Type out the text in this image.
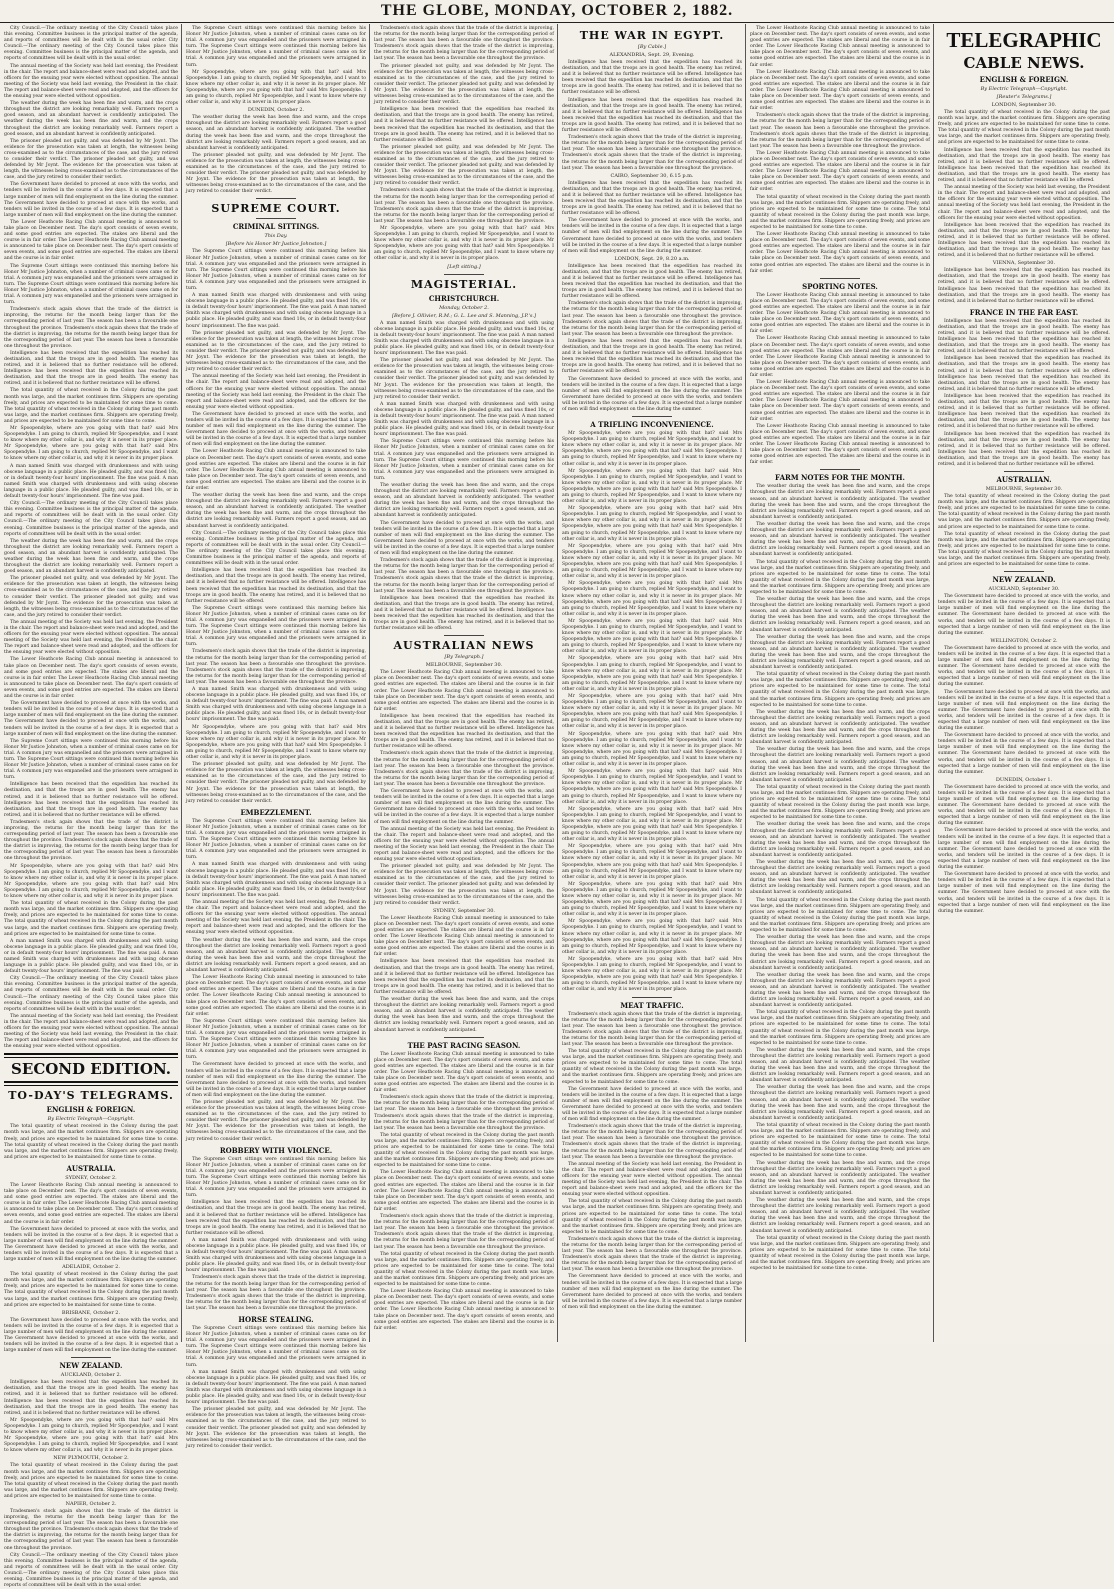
THE GLOBE, MONDAY, OCTOBER 2, 1882.

City Council.—The ordinary meeting of the City Council takes place this evening. Committee business is the principal matter of the agenda, and reports of committees will be dealt with in the usual order. City Council.—The ordinary meeting of the City Council takes place this evening. Committee business is the principal matter of the agenda, and reports of committees will be dealt with in the usual order.

The annual meeting of the Society was held last evening, the President in the chair. The report and balance-sheet were read and adopted, and the officers for the ensuing year were elected without opposition. The annual meeting of the Society was held last evening, the President in the chair. The report and balance-sheet were read and adopted, and the officers for the ensuing year were elected without opposition.

The weather during the week has been fine and warm, and the crops throughout the district are looking remarkably well. Farmers report a good season, and an abundant harvest is confidently anticipated. The weather during the week has been fine and warm, and the crops throughout the district are looking remarkably well. Farmers report a good season, and an abundant harvest is confidently anticipated.

The prisoner pleaded not guilty, and was defended by Mr Joynt. The evidence for the prosecution was taken at length, the witnesses being cross-examined as to the circumstances of the case, and the jury retired to consider their verdict. The prisoner pleaded not guilty, and was defended by Mr Joynt. The evidence for the prosecution was taken at length, the witnesses being cross-examined as to the circumstances of the case, and the jury retired to consider their verdict.

The Government have decided to proceed at once with the works, and tenders will be invited in the course of a few days. It is expected that a large number of men will find employment on the line during the summer. The Government have decided to proceed at once with the works, and tenders will be invited in the course of a few days. It is expected that a large number of men will find employment on the line during the summer.

The Lower Heathcote Racing Club annual meeting is announced to take place on December next. The day's sport consists of seven events, and some good entries are expected. The stakes are liberal and the course is in fair order. The Lower Heathcote Racing Club annual meeting is announced to take place on December next. The day's sport consists of seven events, and some good entries are expected. The stakes are liberal and the course is in fair order.

The Supreme Court sittings were continued this morning before his Honor Mr Justice Johnston, when a number of criminal cases came on for trial. A common jury was empanelled and the prisoners were arraigned in turn. The Supreme Court sittings were continued this morning before his Honor Mr Justice Johnston, when a number of criminal cases came on for trial. A common jury was empanelled and the prisoners were arraigned in turn.

Tradesmen's stock again shows that the trade of the district is improving, the returns for the month being larger than for the corresponding period of last year. The season has been a favourable one throughout the province. Tradesmen's stock again shows that the trade of the district is improving, the returns for the month being larger than for the corresponding period of last year. The season has been a favourable one throughout the province.

Intelligence has been received that the expedition has reached its destination, and that the troops are in good health. The enemy has retired, and it is believed that no further resistance will be offered. Intelligence has been received that the expedition has reached its destination, and that the troops are in good health. The enemy has retired, and it is believed that no further resistance will be offered.

The total quantity of wheat received in the Colony during the past month was large, and the market continues firm. Shippers are operating freely, and prices are expected to be maintained for some time to come. The total quantity of wheat received in the Colony during the past month was large, and the market continues firm. Shippers are operating freely, and prices are expected to be maintained for some time to come.

Mr Spoopendyke, where are you going with that hat? said Mrs Spoopendyke. I am going to church, replied Mr Spoopendyke, and I want to know where my other collar is, and why it is never in its proper place. Mr Spoopendyke, where are you going with that hat? said Mrs Spoopendyke. I am going to church, replied Mr Spoopendyke, and I want to know where my other collar is, and why it is never in its proper place.

A man named Smith was charged with drunkenness and with using obscene language in a public place. He pleaded guilty, and was fined 10s, or in default twenty-four hours' imprisonment. The fine was paid. A man named Smith was charged with drunkenness and with using obscene language in a public place. He pleaded guilty, and was fined 10s, or in default twenty-four hours' imprisonment. The fine was paid.

City Council.—The ordinary meeting of the City Council takes place this evening. Committee business is the principal matter of the agenda, and reports of committees will be dealt with in the usual order. City Council.—The ordinary meeting of the City Council takes place this evening. Committee business is the principal matter of the agenda, and reports of committees will be dealt with in the usual order.

The weather during the week has been fine and warm, and the crops throughout the district are looking remarkably well. Farmers report a good season, and an abundant harvest is confidently anticipated. The weather during the week has been fine and warm, and the crops throughout the district are looking remarkably well. Farmers report a good season, and an abundant harvest is confidently anticipated.

The prisoner pleaded not guilty, and was defended by Mr Joynt. The evidence for the prosecution was taken at length, the witnesses being cross-examined as to the circumstances of the case, and the jury retired to consider their verdict. The prisoner pleaded not guilty, and was defended by Mr Joynt. The evidence for the prosecution was taken at length, the witnesses being cross-examined as to the circumstances of the case, and the jury retired to consider their verdict.

The annual meeting of the Society was held last evening, the President in the chair. The report and balance-sheet were read and adopted, and the officers for the ensuing year were elected without opposition. The annual meeting of the Society was held last evening, the President in the chair. The report and balance-sheet were read and adopted, and the officers for the ensuing year were elected without opposition.

The Lower Heathcote Racing Club annual meeting is announced to take place on December next. The day's sport consists of seven events, and some good entries are expected. The stakes are liberal and the course is in fair order. The Lower Heathcote Racing Club annual meeting is announced to take place on December next. The day's sport consists of seven events, and some good entries are expected. The stakes are liberal and the course is in fair order.

The Government have decided to proceed at once with the works, and tenders will be invited in the course of a few days. It is expected that a large number of men will find employment on the line during the summer. The Government have decided to proceed at once with the works, and tenders will be invited in the course of a few days. It is expected that a large number of men will find employment on the line during the summer.

The Supreme Court sittings were continued this morning before his Honor Mr Justice Johnston, when a number of criminal cases came on for trial. A common jury was empanelled and the prisoners were arraigned in turn. The Supreme Court sittings were continued this morning before his Honor Mr Justice Johnston, when a number of criminal cases came on for trial. A common jury was empanelled and the prisoners were arraigned in turn.

Intelligence has been received that the expedition has reached its destination, and that the troops are in good health. The enemy has retired, and it is believed that no further resistance will be offered. Intelligence has been received that the expedition has reached its destination, and that the troops are in good health. The enemy has retired, and it is believed that no further resistance will be offered.

Tradesmen's stock again shows that the trade of the district is improving, the returns for the month being larger than for the corresponding period of last year. The season has been a favourable one throughout the province. Tradesmen's stock again shows that the trade of the district is improving, the returns for the month being larger than for the corresponding period of last year. The season has been a favourable one throughout the province.

Mr Spoopendyke, where are you going with that hat? said Mrs Spoopendyke. I am going to church, replied Mr Spoopendyke, and I want to know where my other collar is, and why it is never in its proper place. Mr Spoopendyke, where are you going with that hat? said Mrs Spoopendyke. I am going to church, replied Mr Spoopendyke, and I want to know where my other collar is, and why it is never in its proper place.

The total quantity of wheat received in the Colony during the past month was large, and the market continues firm. Shippers are operating freely, and prices are expected to be maintained for some time to come. The total quantity of wheat received in the Colony during the past month was large, and the market continues firm. Shippers are operating freely, and prices are expected to be maintained for some time to come.

A man named Smith was charged with drunkenness and with using obscene language in a public place. He pleaded guilty, and was fined 10s, or in default twenty-four hours' imprisonment. The fine was paid. A man named Smith was charged with drunkenness and with using obscene language in a public place. He pleaded guilty, and was fined 10s, or in default twenty-four hours' imprisonment. The fine was paid.

City Council.—The ordinary meeting of the City Council takes place this evening. Committee business is the principal matter of the agenda, and reports of committees will be dealt with in the usual order. City Council.—The ordinary meeting of the City Council takes place this evening. Committee business is the principal matter of the agenda, and reports of committees will be dealt with in the usual order.

The annual meeting of the Society was held last evening, the President in the chair. The report and balance-sheet were read and adopted, and the officers for the ensuing year were elected without opposition. The annual meeting of the Society was held last evening, the President in the chair. The report and balance-sheet were read and adopted, and the officers for the ensuing year were elected without opposition.

SECOND EDITION.
TO-DAY'S TELEGRAMS.
ENGLISH & FOREIGN.
By Electric Telegraph—Copyright.

The total quantity of wheat received in the Colony during the past month was large, and the market continues firm. Shippers are operating freely, and prices are expected to be maintained for some time to come. The total quantity of wheat received in the Colony during the past month was large, and the market continues firm. Shippers are operating freely, and prices are expected to be maintained for some time to come.

AUSTRALIA.
SYDNEY, October 2.

The Lower Heathcote Racing Club annual meeting is announced to take place on December next. The day's sport consists of seven events, and some good entries are expected. The stakes are liberal and the course is in fair order. The Lower Heathcote Racing Club annual meeting is announced to take place on December next. The day's sport consists of seven events, and some good entries are expected. The stakes are liberal and the course is in fair order.

The Government have decided to proceed at once with the works, and tenders will be invited in the course of a few days. It is expected that a large number of men will find employment on the line during the summer. The Government have decided to proceed at once with the works, and tenders will be invited in the course of a few days. It is expected that a large number of men will find employment on the line during the summer.

ADELAIDE, October 2.

The total quantity of wheat received in the Colony during the past month was large, and the market continues firm. Shippers are operating freely, and prices are expected to be maintained for some time to come. The total quantity of wheat received in the Colony during the past month was large, and the market continues firm. Shippers are operating freely, and prices are expected to be maintained for some time to come.

BRISBANE, October 2.

The Government have decided to proceed at once with the works, and tenders will be invited in the course of a few days. It is expected that a large number of men will find employment on the line during the summer. The Government have decided to proceed at once with the works, and tenders will be invited in the course of a few days. It is expected that a large number of men will find employment on the line during the summer.

NEW ZEALAND.
AUCKLAND, October 2.

Intelligence has been received that the expedition has reached its destination, and that the troops are in good health. The enemy has retired, and it is believed that no further resistance will be offered. Intelligence has been received that the expedition has reached its destination, and that the troops are in good health. The enemy has retired, and it is believed that no further resistance will be offered.

Mr Spoopendyke, where are you going with that hat? said Mrs Spoopendyke. I am going to church, replied Mr Spoopendyke, and I want to know where my other collar is, and why it is never in its proper place. Mr Spoopendyke, where are you going with that hat? said Mrs Spoopendyke. I am going to church, replied Mr Spoopendyke, and I want to know where my other collar is, and why it is never in its proper place.

NEW PLYMOUTH, October 2.

The total quantity of wheat received in the Colony during the past month was large, and the market continues firm. Shippers are operating freely, and prices are expected to be maintained for some time to come. The total quantity of wheat received in the Colony during the past month was large, and the market continues firm. Shippers are operating freely, and prices are expected to be maintained for some time to come.

NAPIER, October 2.

Tradesmen's stock again shows that the trade of the district is improving, the returns for the month being larger than for the corresponding period of last year. The season has been a favourable one throughout the province. Tradesmen's stock again shows that the trade of the district is improving, the returns for the month being larger than for the corresponding period of last year. The season has been a favourable one throughout the province.

City Council.—The ordinary meeting of the City Council takes place this evening. Committee business is the principal matter of the agenda, and reports of committees will be dealt with in the usual order. City Council.—The ordinary meeting of the City Council takes place this evening. Committee business is the principal matter of the agenda, and reports of committees will be dealt with in the usual order.

The Supreme Court sittings were continued this morning before his Honor Mr Justice Johnston, when a number of criminal cases came on for trial. A common jury was empanelled and the prisoners were arraigned in turn. The Supreme Court sittings were continued this morning before his Honor Mr Justice Johnston, when a number of criminal cases came on for trial. A common jury was empanelled and the prisoners were arraigned in turn.

Mr Spoopendyke, where are you going with that hat? said Mrs Spoopendyke. I am going to church, replied Mr Spoopendyke, and I want to know where my other collar is, and why it is never in its proper place. Mr Spoopendyke, where are you going with that hat? said Mrs Spoopendyke. I am going to church, replied Mr Spoopendyke, and I want to know where my other collar is, and why it is never in its proper place.

DUNEDIN, October 2.

The weather during the week has been fine and warm, and the crops throughout the district are looking remarkably well. Farmers report a good season, and an abundant harvest is confidently anticipated. The weather during the week has been fine and warm, and the crops throughout the district are looking remarkably well. Farmers report a good season, and an abundant harvest is confidently anticipated.

The prisoner pleaded not guilty, and was defended by Mr Joynt. The evidence for the prosecution was taken at length, the witnesses being cross-examined as to the circumstances of the case, and the jury retired to consider their verdict. The prisoner pleaded not guilty, and was defended by Mr Joynt. The evidence for the prosecution was taken at length, the witnesses being cross-examined as to the circumstances of the case, and the jury retired to consider their verdict.

SUPREME COURT.
CRIMINAL SITTINGS.
This Day.
[Before his Honor Mr Justice Johnston.]

The Supreme Court sittings were continued this morning before his Honor Mr Justice Johnston, when a number of criminal cases came on for trial. A common jury was empanelled and the prisoners were arraigned in turn. The Supreme Court sittings were continued this morning before his Honor Mr Justice Johnston, when a number of criminal cases came on for trial. A common jury was empanelled and the prisoners were arraigned in turn.

A man named Smith was charged with drunkenness and with using obscene language in a public place. He pleaded guilty, and was fined 10s, or in default twenty-four hours' imprisonment. The fine was paid. A man named Smith was charged with drunkenness and with using obscene language in a public place. He pleaded guilty, and was fined 10s, or in default twenty-four hours' imprisonment. The fine was paid.

The prisoner pleaded not guilty, and was defended by Mr Joynt. The evidence for the prosecution was taken at length, the witnesses being cross-examined as to the circumstances of the case, and the jury retired to consider their verdict. The prisoner pleaded not guilty, and was defended by Mr Joynt. The evidence for the prosecution was taken at length, the witnesses being cross-examined as to the circumstances of the case, and the jury retired to consider their verdict.

The annual meeting of the Society was held last evening, the President in the chair. The report and balance-sheet were read and adopted, and the officers for the ensuing year were elected without opposition. The annual meeting of the Society was held last evening, the President in the chair. The report and balance-sheet were read and adopted, and the officers for the ensuing year were elected without opposition.

The Government have decided to proceed at once with the works, and tenders will be invited in the course of a few days. It is expected that a large number of men will find employment on the line during the summer. The Government have decided to proceed at once with the works, and tenders will be invited in the course of a few days. It is expected that a large number of men will find employment on the line during the summer.

The Lower Heathcote Racing Club annual meeting is announced to take place on December next. The day's sport consists of seven events, and some good entries are expected. The stakes are liberal and the course is in fair order. The Lower Heathcote Racing Club annual meeting is announced to take place on December next. The day's sport consists of seven events, and some good entries are expected. The stakes are liberal and the course is in fair order.

The weather during the week has been fine and warm, and the crops throughout the district are looking remarkably well. Farmers report a good season, and an abundant harvest is confidently anticipated. The weather during the week has been fine and warm, and the crops throughout the district are looking remarkably well. Farmers report a good season, and an abundant harvest is confidently anticipated.

City Council.—The ordinary meeting of the City Council takes place this evening. Committee business is the principal matter of the agenda, and reports of committees will be dealt with in the usual order. City Council.—The ordinary meeting of the City Council takes place this evening. Committee business is the principal matter of the agenda, and reports of committees will be dealt with in the usual order.

Intelligence has been received that the expedition has reached its destination, and that the troops are in good health. The enemy has retired, and it is believed that no further resistance will be offered. Intelligence has been received that the expedition has reached its destination, and that the troops are in good health. The enemy has retired, and it is believed that no further resistance will be offered.

The Supreme Court sittings were continued this morning before his Honor Mr Justice Johnston, when a number of criminal cases came on for trial. A common jury was empanelled and the prisoners were arraigned in turn. The Supreme Court sittings were continued this morning before his Honor Mr Justice Johnston, when a number of criminal cases came on for trial. A common jury was empanelled and the prisoners were arraigned in turn.

Tradesmen's stock again shows that the trade of the district is improving, the returns for the month being larger than for the corresponding period of last year. The season has been a favourable one throughout the province. Tradesmen's stock again shows that the trade of the district is improving, the returns for the month being larger than for the corresponding period of last year. The season has been a favourable one throughout the province.

A man named Smith was charged with drunkenness and with using obscene language in a public place. He pleaded guilty, and was fined 10s, or in default twenty-four hours' imprisonment. The fine was paid. A man named Smith was charged with drunkenness and with using obscene language in a public place. He pleaded guilty, and was fined 10s, or in default twenty-four hours' imprisonment. The fine was paid.

Mr Spoopendyke, where are you going with that hat? said Mrs Spoopendyke. I am going to church, replied Mr Spoopendyke, and I want to know where my other collar is, and why it is never in its proper place. Mr Spoopendyke, where are you going with that hat? said Mrs Spoopendyke. I am going to church, replied Mr Spoopendyke, and I want to know where my other collar is, and why it is never in its proper place.

The prisoner pleaded not guilty, and was defended by Mr Joynt. The evidence for the prosecution was taken at length, the witnesses being cross-examined as to the circumstances of the case, and the jury retired to consider their verdict. The prisoner pleaded not guilty, and was defended by Mr Joynt. The evidence for the prosecution was taken at length, the witnesses being cross-examined as to the circumstances of the case, and the jury retired to consider their verdict.

EMBEZZLEMENT.

The Supreme Court sittings were continued this morning before his Honor Mr Justice Johnston, when a number of criminal cases came on for trial. A common jury was empanelled and the prisoners were arraigned in turn. The Supreme Court sittings were continued this morning before his Honor Mr Justice Johnston, when a number of criminal cases came on for trial. A common jury was empanelled and the prisoners were arraigned in turn.

A man named Smith was charged with drunkenness and with using obscene language in a public place. He pleaded guilty, and was fined 10s, or in default twenty-four hours' imprisonment. The fine was paid. A man named Smith was charged with drunkenness and with using obscene language in a public place. He pleaded guilty, and was fined 10s, or in default twenty-four hours' imprisonment. The fine was paid.

The annual meeting of the Society was held last evening, the President in the chair. The report and balance-sheet were read and adopted, and the officers for the ensuing year were elected without opposition. The annual meeting of the Society was held last evening, the President in the chair. The report and balance-sheet were read and adopted, and the officers for the ensuing year were elected without opposition.

The weather during the week has been fine and warm, and the crops throughout the district are looking remarkably well. Farmers report a good season, and an abundant harvest is confidently anticipated. The weather during the week has been fine and warm, and the crops throughout the district are looking remarkably well. Farmers report a good season, and an abundant harvest is confidently anticipated.

The Lower Heathcote Racing Club annual meeting is announced to take place on December next. The day's sport consists of seven events, and some good entries are expected. The stakes are liberal and the course is in fair order. The Lower Heathcote Racing Club annual meeting is announced to take place on December next. The day's sport consists of seven events, and some good entries are expected. The stakes are liberal and the course is in fair order.

The Supreme Court sittings were continued this morning before his Honor Mr Justice Johnston, when a number of criminal cases came on for trial. A common jury was empanelled and the prisoners were arraigned in turn. The Supreme Court sittings were continued this morning before his Honor Mr Justice Johnston, when a number of criminal cases came on for trial. A common jury was empanelled and the prisoners were arraigned in turn.

The Government have decided to proceed at once with the works, and tenders will be invited in the course of a few days. It is expected that a large number of men will find employment on the line during the summer. The Government have decided to proceed at once with the works, and tenders will be invited in the course of a few days. It is expected that a large number of men will find employment on the line during the summer.

The prisoner pleaded not guilty, and was defended by Mr Joynt. The evidence for the prosecution was taken at length, the witnesses being cross-examined as to the circumstances of the case, and the jury retired to consider their verdict. The prisoner pleaded not guilty, and was defended by Mr Joynt. The evidence for the prosecution was taken at length, the witnesses being cross-examined as to the circumstances of the case, and the jury retired to consider their verdict.

ROBBERY WITH VIOLENCE.

The Supreme Court sittings were continued this morning before his Honor Mr Justice Johnston, when a number of criminal cases came on for trial. A common jury was empanelled and the prisoners were arraigned in turn. The Supreme Court sittings were continued this morning before his Honor Mr Justice Johnston, when a number of criminal cases came on for trial. A common jury was empanelled and the prisoners were arraigned in turn.

Intelligence has been received that the expedition has reached its destination, and that the troops are in good health. The enemy has retired, and it is believed that no further resistance will be offered. Intelligence has been received that the expedition has reached its destination, and that the troops are in good health. The enemy has retired, and it is believed that no further resistance will be offered.

A man named Smith was charged with drunkenness and with using obscene language in a public place. He pleaded guilty, and was fined 10s, or in default twenty-four hours' imprisonment. The fine was paid. A man named Smith was charged with drunkenness and with using obscene language in a public place. He pleaded guilty, and was fined 10s, or in default twenty-four hours' imprisonment. The fine was paid.

Tradesmen's stock again shows that the trade of the district is improving, the returns for the month being larger than for the corresponding period of last year. The season has been a favourable one throughout the province. Tradesmen's stock again shows that the trade of the district is improving, the returns for the month being larger than for the corresponding period of last year. The season has been a favourable one throughout the province.

HORSE STEALING.

The Supreme Court sittings were continued this morning before his Honor Mr Justice Johnston, when a number of criminal cases came on for trial. A common jury was empanelled and the prisoners were arraigned in turn. The Supreme Court sittings were continued this morning before his Honor Mr Justice Johnston, when a number of criminal cases came on for trial. A common jury was empanelled and the prisoners were arraigned in turn.

A man named Smith was charged with drunkenness and with using obscene language in a public place. He pleaded guilty, and was fined 10s, or in default twenty-four hours' imprisonment. The fine was paid. A man named Smith was charged with drunkenness and with using obscene language in a public place. He pleaded guilty, and was fined 10s, or in default twenty-four hours' imprisonment. The fine was paid.

The prisoner pleaded not guilty, and was defended by Mr Joynt. The evidence for the prosecution was taken at length, the witnesses being cross-examined as to the circumstances of the case, and the jury retired to consider their verdict. The prisoner pleaded not guilty, and was defended by Mr Joynt. The evidence for the prosecution was taken at length, the witnesses being cross-examined as to the circumstances of the case, and the jury retired to consider their verdict.

Tradesmen's stock again shows that the trade of the district is improving, the returns for the month being larger than for the corresponding period of last year. The season has been a favourable one throughout the province. Tradesmen's stock again shows that the trade of the district is improving, the returns for the month being larger than for the corresponding period of last year. The season has been a favourable one throughout the province.

The prisoner pleaded not guilty, and was defended by Mr Joynt. The evidence for the prosecution was taken at length, the witnesses being cross-examined as to the circumstances of the case, and the jury retired to consider their verdict. The prisoner pleaded not guilty, and was defended by Mr Joynt. The evidence for the prosecution was taken at length, the witnesses being cross-examined as to the circumstances of the case, and the jury retired to consider their verdict.

Intelligence has been received that the expedition has reached its destination, and that the troops are in good health. The enemy has retired, and it is believed that no further resistance will be offered. Intelligence has been received that the expedition has reached its destination, and that the troops are in good health. The enemy has retired, and it is believed that no further resistance will be offered.

The prisoner pleaded not guilty, and was defended by Mr Joynt. The evidence for the prosecution was taken at length, the witnesses being cross-examined as to the circumstances of the case, and the jury retired to consider their verdict. The prisoner pleaded not guilty, and was defended by Mr Joynt. The evidence for the prosecution was taken at length, the witnesses being cross-examined as to the circumstances of the case, and the jury retired to consider their verdict.

Tradesmen's stock again shows that the trade of the district is improving, the returns for the month being larger than for the corresponding period of last year. The season has been a favourable one throughout the province. Tradesmen's stock again shows that the trade of the district is improving, the returns for the month being larger than for the corresponding period of last year. The season has been a favourable one throughout the province.

Mr Spoopendyke, where are you going with that hat? said Mrs Spoopendyke. I am going to church, replied Mr Spoopendyke, and I want to know where my other collar is, and why it is never in its proper place. Mr Spoopendyke, where are you going with that hat? said Mrs Spoopendyke. I am going to church, replied Mr Spoopendyke, and I want to know where my other collar is, and why it is never in its proper place.

[Left sitting.]
MAGISTERIAL.
CHRISTCHURCH.
Monday, October 2.
[Before J. Ollivier, R.M.; G. L. Lee and S. Manning, J.P.'s.]

A man named Smith was charged with drunkenness and with using obscene language in a public place. He pleaded guilty, and was fined 10s, or in default twenty-four hours' imprisonment. The fine was paid. A man named Smith was charged with drunkenness and with using obscene language in a public place. He pleaded guilty, and was fined 10s, or in default twenty-four hours' imprisonment. The fine was paid.

The prisoner pleaded not guilty, and was defended by Mr Joynt. The evidence for the prosecution was taken at length, the witnesses being cross-examined as to the circumstances of the case, and the jury retired to consider their verdict. The prisoner pleaded not guilty, and was defended by Mr Joynt. The evidence for the prosecution was taken at length, the witnesses being cross-examined as to the circumstances of the case, and the jury retired to consider their verdict.

A man named Smith was charged with drunkenness and with using obscene language in a public place. He pleaded guilty, and was fined 10s, or in default twenty-four hours' imprisonment. The fine was paid. A man named Smith was charged with drunkenness and with using obscene language in a public place. He pleaded guilty, and was fined 10s, or in default twenty-four hours' imprisonment. The fine was paid.

The Supreme Court sittings were continued this morning before his Honor Mr Justice Johnston, when a number of criminal cases came on for trial. A common jury was empanelled and the prisoners were arraigned in turn. The Supreme Court sittings were continued this morning before his Honor Mr Justice Johnston, when a number of criminal cases came on for trial. A common jury was empanelled and the prisoners were arraigned in turn.

The weather during the week has been fine and warm, and the crops throughout the district are looking remarkably well. Farmers report a good season, and an abundant harvest is confidently anticipated. The weather during the week has been fine and warm, and the crops throughout the district are looking remarkably well. Farmers report a good season, and an abundant harvest is confidently anticipated.

The Government have decided to proceed at once with the works, and tenders will be invited in the course of a few days. It is expected that a large number of men will find employment on the line during the summer. The Government have decided to proceed at once with the works, and tenders will be invited in the course of a few days. It is expected that a large number of men will find employment on the line during the summer.

Tradesmen's stock again shows that the trade of the district is improving, the returns for the month being larger than for the corresponding period of last year. The season has been a favourable one throughout the province. Tradesmen's stock again shows that the trade of the district is improving, the returns for the month being larger than for the corresponding period of last year. The season has been a favourable one throughout the province.

Intelligence has been received that the expedition has reached its destination, and that the troops are in good health. The enemy has retired, and it is believed that no further resistance will be offered. Intelligence has been received that the expedition has reached its destination, and that the troops are in good health. The enemy has retired, and it is believed that no further resistance will be offered.

AUSTRALIAN NEWS
[By Telegraph.]
MELBOURNE, September 30.

The Lower Heathcote Racing Club annual meeting is announced to take place on December next. The day's sport consists of seven events, and some good entries are expected. The stakes are liberal and the course is in fair order. The Lower Heathcote Racing Club annual meeting is announced to take place on December next. The day's sport consists of seven events, and some good entries are expected. The stakes are liberal and the course is in fair order.

Intelligence has been received that the expedition has reached its destination, and that the troops are in good health. The enemy has retired, and it is believed that no further resistance will be offered. Intelligence has been received that the expedition has reached its destination, and that the troops are in good health. The enemy has retired, and it is believed that no further resistance will be offered.

Tradesmen's stock again shows that the trade of the district is improving, the returns for the month being larger than for the corresponding period of last year. The season has been a favourable one throughout the province. Tradesmen's stock again shows that the trade of the district is improving, the returns for the month being larger than for the corresponding period of last year. The season has been a favourable one throughout the province.

The Government have decided to proceed at once with the works, and tenders will be invited in the course of a few days. It is expected that a large number of men will find employment on the line during the summer. The Government have decided to proceed at once with the works, and tenders will be invited in the course of a few days. It is expected that a large number of men will find employment on the line during the summer.

The annual meeting of the Society was held last evening, the President in the chair. The report and balance-sheet were read and adopted, and the officers for the ensuing year were elected without opposition. The annual meeting of the Society was held last evening, the President in the chair. The report and balance-sheet were read and adopted, and the officers for the ensuing year were elected without opposition.

The prisoner pleaded not guilty, and was defended by Mr Joynt. The evidence for the prosecution was taken at length, the witnesses being cross-examined as to the circumstances of the case, and the jury retired to consider their verdict. The prisoner pleaded not guilty, and was defended by Mr Joynt. The evidence for the prosecution was taken at length, the witnesses being cross-examined as to the circumstances of the case, and the jury retired to consider their verdict.

SYDNEY, September 30.

The Lower Heathcote Racing Club annual meeting is announced to take place on December next. The day's sport consists of seven events, and some good entries are expected. The stakes are liberal and the course is in fair order. The Lower Heathcote Racing Club annual meeting is announced to take place on December next. The day's sport consists of seven events, and some good entries are expected. The stakes are liberal and the course is in fair order.

Intelligence has been received that the expedition has reached its destination, and that the troops are in good health. The enemy has retired, and it is believed that no further resistance will be offered. Intelligence has been received that the expedition has reached its destination, and that the troops are in good health. The enemy has retired, and it is believed that no further resistance will be offered.

The weather during the week has been fine and warm, and the crops throughout the district are looking remarkably well. Farmers report a good season, and an abundant harvest is confidently anticipated. The weather during the week has been fine and warm, and the crops throughout the district are looking remarkably well. Farmers report a good season, and an abundant harvest is confidently anticipated.

THE PAST RACING SEASON.

The Lower Heathcote Racing Club annual meeting is announced to take place on December next. The day's sport consists of seven events, and some good entries are expected. The stakes are liberal and the course is in fair order. The Lower Heathcote Racing Club annual meeting is announced to take place on December next. The day's sport consists of seven events, and some good entries are expected. The stakes are liberal and the course is in fair order.

Tradesmen's stock again shows that the trade of the district is improving, the returns for the month being larger than for the corresponding period of last year. The season has been a favourable one throughout the province. Tradesmen's stock again shows that the trade of the district is improving, the returns for the month being larger than for the corresponding period of last year. The season has been a favourable one throughout the province.

The total quantity of wheat received in the Colony during the past month was large, and the market continues firm. Shippers are operating freely, and prices are expected to be maintained for some time to come. The total quantity of wheat received in the Colony during the past month was large, and the market continues firm. Shippers are operating freely, and prices are expected to be maintained for some time to come.

The Lower Heathcote Racing Club annual meeting is announced to take place on December next. The day's sport consists of seven events, and some good entries are expected. The stakes are liberal and the course is in fair order. The Lower Heathcote Racing Club annual meeting is announced to take place on December next. The day's sport consists of seven events, and some good entries are expected. The stakes are liberal and the course is in fair order.

Tradesmen's stock again shows that the trade of the district is improving, the returns for the month being larger than for the corresponding period of last year. The season has been a favourable one throughout the province. Tradesmen's stock again shows that the trade of the district is improving, the returns for the month being larger than for the corresponding period of last year. The season has been a favourable one throughout the province.

The total quantity of wheat received in the Colony during the past month was large, and the market continues firm. Shippers are operating freely, and prices are expected to be maintained for some time to come. The total quantity of wheat received in the Colony during the past month was large, and the market continues firm. Shippers are operating freely, and prices are expected to be maintained for some time to come.

The Lower Heathcote Racing Club annual meeting is announced to take place on December next. The day's sport consists of seven events, and some good entries are expected. The stakes are liberal and the course is in fair order. The Lower Heathcote Racing Club annual meeting is announced to take place on December next. The day's sport consists of seven events, and some good entries are expected. The stakes are liberal and the course is in fair order.

THE WAR IN EGYPT.
[By Cable.]
ALEXANDRIA, Sept. 29, Evening.

Intelligence has been received that the expedition has reached its destination, and that the troops are in good health. The enemy has retired, and it is believed that no further resistance will be offered. Intelligence has been received that the expedition has reached its destination, and that the troops are in good health. The enemy has retired, and it is believed that no further resistance will be offered.

Intelligence has been received that the expedition has reached its destination, and that the troops are in good health. The enemy has retired, and it is believed that no further resistance will be offered. Intelligence has been received that the expedition has reached its destination, and that the troops are in good health. The enemy has retired, and it is believed that no further resistance will be offered.

Tradesmen's stock again shows that the trade of the district is improving, the returns for the month being larger than for the corresponding period of last year. The season has been a favourable one throughout the province. Tradesmen's stock again shows that the trade of the district is improving, the returns for the month being larger than for the corresponding period of last year. The season has been a favourable one throughout the province.

CAIRO, September 30, 6.15 p.m.

Intelligence has been received that the expedition has reached its destination, and that the troops are in good health. The enemy has retired, and it is believed that no further resistance will be offered. Intelligence has been received that the expedition has reached its destination, and that the troops are in good health. The enemy has retired, and it is believed that no further resistance will be offered.

The Government have decided to proceed at once with the works, and tenders will be invited in the course of a few days. It is expected that a large number of men will find employment on the line during the summer. The Government have decided to proceed at once with the works, and tenders will be invited in the course of a few days. It is expected that a large number of men will find employment on the line during the summer.

LONDON, Sept. 29, 8.20 a.m.

Intelligence has been received that the expedition has reached its destination, and that the troops are in good health. The enemy has retired, and it is believed that no further resistance will be offered. Intelligence has been received that the expedition has reached its destination, and that the troops are in good health. The enemy has retired, and it is believed that no further resistance will be offered.

Tradesmen's stock again shows that the trade of the district is improving, the returns for the month being larger than for the corresponding period of last year. The season has been a favourable one throughout the province. Tradesmen's stock again shows that the trade of the district is improving, the returns for the month being larger than for the corresponding period of last year. The season has been a favourable one throughout the province.

Intelligence has been received that the expedition has reached its destination, and that the troops are in good health. The enemy has retired, and it is believed that no further resistance will be offered. Intelligence has been received that the expedition has reached its destination, and that the troops are in good health. The enemy has retired, and it is believed that no further resistance will be offered.

The Government have decided to proceed at once with the works, and tenders will be invited in the course of a few days. It is expected that a large number of men will find employment on the line during the summer. The Government have decided to proceed at once with the works, and tenders will be invited in the course of a few days. It is expected that a large number of men will find employment on the line during the summer.

A TRIFLING INCONVENIENCE.

Mr Spoopendyke, where are you going with that hat? said Mrs Spoopendyke. I am going to church, replied Mr Spoopendyke, and I want to know where my other collar is, and why it is never in its proper place. Mr Spoopendyke, where are you going with that hat? said Mrs Spoopendyke. I am going to church, replied Mr Spoopendyke, and I want to know where my other collar is, and why it is never in its proper place.

Mr Spoopendyke, where are you going with that hat? said Mrs Spoopendyke. I am going to church, replied Mr Spoopendyke, and I want to know where my other collar is, and why it is never in its proper place. Mr Spoopendyke, where are you going with that hat? said Mrs Spoopendyke. I am going to church, replied Mr Spoopendyke, and I want to know where my other collar is, and why it is never in its proper place.

Mr Spoopendyke, where are you going with that hat? said Mrs Spoopendyke. I am going to church, replied Mr Spoopendyke, and I want to know where my other collar is, and why it is never in its proper place. Mr Spoopendyke, where are you going with that hat? said Mrs Spoopendyke. I am going to church, replied Mr Spoopendyke, and I want to know where my other collar is, and why it is never in its proper place.

Mr Spoopendyke, where are you going with that hat? said Mrs Spoopendyke. I am going to church, replied Mr Spoopendyke, and I want to know where my other collar is, and why it is never in its proper place. Mr Spoopendyke, where are you going with that hat? said Mrs Spoopendyke. I am going to church, replied Mr Spoopendyke, and I want to know where my other collar is, and why it is never in its proper place.

Mr Spoopendyke, where are you going with that hat? said Mrs Spoopendyke. I am going to church, replied Mr Spoopendyke, and I want to know where my other collar is, and why it is never in its proper place. Mr Spoopendyke, where are you going with that hat? said Mrs Spoopendyke. I am going to church, replied Mr Spoopendyke, and I want to know where my other collar is, and why it is never in its proper place.

Mr Spoopendyke, where are you going with that hat? said Mrs Spoopendyke. I am going to church, replied Mr Spoopendyke, and I want to know where my other collar is, and why it is never in its proper place. Mr Spoopendyke, where are you going with that hat? said Mrs Spoopendyke. I am going to church, replied Mr Spoopendyke, and I want to know where my other collar is, and why it is never in its proper place.

Mr Spoopendyke, where are you going with that hat? said Mrs Spoopendyke. I am going to church, replied Mr Spoopendyke, and I want to know where my other collar is, and why it is never in its proper place. Mr Spoopendyke, where are you going with that hat? said Mrs Spoopendyke. I am going to church, replied Mr Spoopendyke, and I want to know where my other collar is, and why it is never in its proper place.

Mr Spoopendyke, where are you going with that hat? said Mrs Spoopendyke. I am going to church, replied Mr Spoopendyke, and I want to know where my other collar is, and why it is never in its proper place. Mr Spoopendyke, where are you going with that hat? said Mrs Spoopendyke. I am going to church, replied Mr Spoopendyke, and I want to know where my other collar is, and why it is never in its proper place.

Mr Spoopendyke, where are you going with that hat? said Mrs Spoopendyke. I am going to church, replied Mr Spoopendyke, and I want to know where my other collar is, and why it is never in its proper place. Mr Spoopendyke, where are you going with that hat? said Mrs Spoopendyke. I am going to church, replied Mr Spoopendyke, and I want to know where my other collar is, and why it is never in its proper place.

Mr Spoopendyke, where are you going with that hat? said Mrs Spoopendyke. I am going to church, replied Mr Spoopendyke, and I want to know where my other collar is, and why it is never in its proper place. Mr Spoopendyke, where are you going with that hat? said Mrs Spoopendyke. I am going to church, replied Mr Spoopendyke, and I want to know where my other collar is, and why it is never in its proper place.

Mr Spoopendyke, where are you going with that hat? said Mrs Spoopendyke. I am going to church, replied Mr Spoopendyke, and I want to know where my other collar is, and why it is never in its proper place. Mr Spoopendyke, where are you going with that hat? said Mrs Spoopendyke. I am going to church, replied Mr Spoopendyke, and I want to know where my other collar is, and why it is never in its proper place.

Mr Spoopendyke, where are you going with that hat? said Mrs Spoopendyke. I am going to church, replied Mr Spoopendyke, and I want to know where my other collar is, and why it is never in its proper place. Mr Spoopendyke, where are you going with that hat? said Mrs Spoopendyke. I am going to church, replied Mr Spoopendyke, and I want to know where my other collar is, and why it is never in its proper place.

Mr Spoopendyke, where are you going with that hat? said Mrs Spoopendyke. I am going to church, replied Mr Spoopendyke, and I want to know where my other collar is, and why it is never in its proper place. Mr Spoopendyke, where are you going with that hat? said Mrs Spoopendyke. I am going to church, replied Mr Spoopendyke, and I want to know where my other collar is, and why it is never in its proper place.

Mr Spoopendyke, where are you going with that hat? said Mrs Spoopendyke. I am going to church, replied Mr Spoopendyke, and I want to know where my other collar is, and why it is never in its proper place. Mr Spoopendyke, where are you going with that hat? said Mrs Spoopendyke. I am going to church, replied Mr Spoopendyke, and I want to know where my other collar is, and why it is never in its proper place.

Mr Spoopendyke, where are you going with that hat? said Mrs Spoopendyke. I am going to church, replied Mr Spoopendyke, and I want to know where my other collar is, and why it is never in its proper place. Mr Spoopendyke, where are you going with that hat? said Mrs Spoopendyke. I am going to church, replied Mr Spoopendyke, and I want to know where my other collar is, and why it is never in its proper place.

MEAT TRAFFIC.

Tradesmen's stock again shows that the trade of the district is improving, the returns for the month being larger than for the corresponding period of last year. The season has been a favourable one throughout the province. Tradesmen's stock again shows that the trade of the district is improving, the returns for the month being larger than for the corresponding period of last year. The season has been a favourable one throughout the province.

The total quantity of wheat received in the Colony during the past month was large, and the market continues firm. Shippers are operating freely, and prices are expected to be maintained for some time to come. The total quantity of wheat received in the Colony during the past month was large, and the market continues firm. Shippers are operating freely, and prices are expected to be maintained for some time to come.

The Government have decided to proceed at once with the works, and tenders will be invited in the course of a few days. It is expected that a large number of men will find employment on the line during the summer. The Government have decided to proceed at once with the works, and tenders will be invited in the course of a few days. It is expected that a large number of men will find employment on the line during the summer.

Tradesmen's stock again shows that the trade of the district is improving, the returns for the month being larger than for the corresponding period of last year. The season has been a favourable one throughout the province. Tradesmen's stock again shows that the trade of the district is improving, the returns for the month being larger than for the corresponding period of last year. The season has been a favourable one throughout the province.

The annual meeting of the Society was held last evening, the President in the chair. The report and balance-sheet were read and adopted, and the officers for the ensuing year were elected without opposition. The annual meeting of the Society was held last evening, the President in the chair. The report and balance-sheet were read and adopted, and the officers for the ensuing year were elected without opposition.

The total quantity of wheat received in the Colony during the past month was large, and the market continues firm. Shippers are operating freely, and prices are expected to be maintained for some time to come. The total quantity of wheat received in the Colony during the past month was large, and the market continues firm. Shippers are operating freely, and prices are expected to be maintained for some time to come.

Tradesmen's stock again shows that the trade of the district is improving, the returns for the month being larger than for the corresponding period of last year. The season has been a favourable one throughout the province. Tradesmen's stock again shows that the trade of the district is improving, the returns for the month being larger than for the corresponding period of last year. The season has been a favourable one throughout the province.

The Government have decided to proceed at once with the works, and tenders will be invited in the course of a few days. It is expected that a large number of men will find employment on the line during the summer. The Government have decided to proceed at once with the works, and tenders will be invited in the course of a few days. It is expected that a large number of men will find employment on the line during the summer.

The Lower Heathcote Racing Club annual meeting is announced to take place on December next. The day's sport consists of seven events, and some good entries are expected. The stakes are liberal and the course is in fair order. The Lower Heathcote Racing Club annual meeting is announced to take place on December next. The day's sport consists of seven events, and some good entries are expected. The stakes are liberal and the course is in fair order.

The Lower Heathcote Racing Club annual meeting is announced to take place on December next. The day's sport consists of seven events, and some good entries are expected. The stakes are liberal and the course is in fair order. The Lower Heathcote Racing Club annual meeting is announced to take place on December next. The day's sport consists of seven events, and some good entries are expected. The stakes are liberal and the course is in fair order.

Tradesmen's stock again shows that the trade of the district is improving, the returns for the month being larger than for the corresponding period of last year. The season has been a favourable one throughout the province. Tradesmen's stock again shows that the trade of the district is improving, the returns for the month being larger than for the corresponding period of last year. The season has been a favourable one throughout the province.

The Lower Heathcote Racing Club annual meeting is announced to take place on December next. The day's sport consists of seven events, and some good entries are expected. The stakes are liberal and the course is in fair order. The Lower Heathcote Racing Club annual meeting is announced to take place on December next. The day's sport consists of seven events, and some good entries are expected. The stakes are liberal and the course is in fair order.

The total quantity of wheat received in the Colony during the past month was large, and the market continues firm. Shippers are operating freely, and prices are expected to be maintained for some time to come. The total quantity of wheat received in the Colony during the past month was large, and the market continues firm. Shippers are operating freely, and prices are expected to be maintained for some time to come.

The Lower Heathcote Racing Club annual meeting is announced to take place on December next. The day's sport consists of seven events, and some good entries are expected. The stakes are liberal and the course is in fair order. The Lower Heathcote Racing Club annual meeting is announced to take place on December next. The day's sport consists of seven events, and some good entries are expected. The stakes are liberal and the course is in fair order.

SPORTING NOTES.

The Lower Heathcote Racing Club annual meeting is announced to take place on December next. The day's sport consists of seven events, and some good entries are expected. The stakes are liberal and the course is in fair order. The Lower Heathcote Racing Club annual meeting is announced to take place on December next. The day's sport consists of seven events, and some good entries are expected. The stakes are liberal and the course is in fair order.

The Lower Heathcote Racing Club annual meeting is announced to take place on December next. The day's sport consists of seven events, and some good entries are expected. The stakes are liberal and the course is in fair order. The Lower Heathcote Racing Club annual meeting is announced to take place on December next. The day's sport consists of seven events, and some good entries are expected. The stakes are liberal and the course is in fair order.

The Lower Heathcote Racing Club annual meeting is announced to take place on December next. The day's sport consists of seven events, and some good entries are expected. The stakes are liberal and the course is in fair order. The Lower Heathcote Racing Club annual meeting is announced to take place on December next. The day's sport consists of seven events, and some good entries are expected. The stakes are liberal and the course is in fair order.

The Lower Heathcote Racing Club annual meeting is announced to take place on December next. The day's sport consists of seven events, and some good entries are expected. The stakes are liberal and the course is in fair order. The Lower Heathcote Racing Club annual meeting is announced to take place on December next. The day's sport consists of seven events, and some good entries are expected. The stakes are liberal and the course is in fair order.

FARM NOTES FOR THE MONTH.

The weather during the week has been fine and warm, and the crops throughout the district are looking remarkably well. Farmers report a good season, and an abundant harvest is confidently anticipated. The weather during the week has been fine and warm, and the crops throughout the district are looking remarkably well. Farmers report a good season, and an abundant harvest is confidently anticipated.

The weather during the week has been fine and warm, and the crops throughout the district are looking remarkably well. Farmers report a good season, and an abundant harvest is confidently anticipated. The weather during the week has been fine and warm, and the crops throughout the district are looking remarkably well. Farmers report a good season, and an abundant harvest is confidently anticipated.

The total quantity of wheat received in the Colony during the past month was large, and the market continues firm. Shippers are operating freely, and prices are expected to be maintained for some time to come. The total quantity of wheat received in the Colony during the past month was large, and the market continues firm. Shippers are operating freely, and prices are expected to be maintained for some time to come.

The weather during the week has been fine and warm, and the crops throughout the district are looking remarkably well. Farmers report a good season, and an abundant harvest is confidently anticipated. The weather during the week has been fine and warm, and the crops throughout the district are looking remarkably well. Farmers report a good season, and an abundant harvest is confidently anticipated.

The weather during the week has been fine and warm, and the crops throughout the district are looking remarkably well. Farmers report a good season, and an abundant harvest is confidently anticipated. The weather during the week has been fine and warm, and the crops throughout the district are looking remarkably well. Farmers report a good season, and an abundant harvest is confidently anticipated.

The total quantity of wheat received in the Colony during the past month was large, and the market continues firm. Shippers are operating freely, and prices are expected to be maintained for some time to come. The total quantity of wheat received in the Colony during the past month was large, and the market continues firm. Shippers are operating freely, and prices are expected to be maintained for some time to come.

The weather during the week has been fine and warm, and the crops throughout the district are looking remarkably well. Farmers report a good season, and an abundant harvest is confidently anticipated. The weather during the week has been fine and warm, and the crops throughout the district are looking remarkably well. Farmers report a good season, and an abundant harvest is confidently anticipated.

The weather during the week has been fine and warm, and the crops throughout the district are looking remarkably well. Farmers report a good season, and an abundant harvest is confidently anticipated. The weather during the week has been fine and warm, and the crops throughout the district are looking remarkably well. Farmers report a good season, and an abundant harvest is confidently anticipated.

The total quantity of wheat received in the Colony during the past month was large, and the market continues firm. Shippers are operating freely, and prices are expected to be maintained for some time to come. The total quantity of wheat received in the Colony during the past month was large, and the market continues firm. Shippers are operating freely, and prices are expected to be maintained for some time to come.

The weather during the week has been fine and warm, and the crops throughout the district are looking remarkably well. Farmers report a good season, and an abundant harvest is confidently anticipated. The weather during the week has been fine and warm, and the crops throughout the district are looking remarkably well. Farmers report a good season, and an abundant harvest is confidently anticipated.

The weather during the week has been fine and warm, and the crops throughout the district are looking remarkably well. Farmers report a good season, and an abundant harvest is confidently anticipated. The weather during the week has been fine and warm, and the crops throughout the district are looking remarkably well. Farmers report a good season, and an abundant harvest is confidently anticipated.

The total quantity of wheat received in the Colony during the past month was large, and the market continues firm. Shippers are operating freely, and prices are expected to be maintained for some time to come. The total quantity of wheat received in the Colony during the past month was large, and the market continues firm. Shippers are operating freely, and prices are expected to be maintained for some time to come.

The weather during the week has been fine and warm, and the crops throughout the district are looking remarkably well. Farmers report a good season, and an abundant harvest is confidently anticipated. The weather during the week has been fine and warm, and the crops throughout the district are looking remarkably well. Farmers report a good season, and an abundant harvest is confidently anticipated.

The weather during the week has been fine and warm, and the crops throughout the district are looking remarkably well. Farmers report a good season, and an abundant harvest is confidently anticipated. The weather during the week has been fine and warm, and the crops throughout the district are looking remarkably well. Farmers report a good season, and an abundant harvest is confidently anticipated.

The total quantity of wheat received in the Colony during the past month was large, and the market continues firm. Shippers are operating freely, and prices are expected to be maintained for some time to come. The total quantity of wheat received in the Colony during the past month was large, and the market continues firm. Shippers are operating freely, and prices are expected to be maintained for some time to come.

The weather during the week has been fine and warm, and the crops throughout the district are looking remarkably well. Farmers report a good season, and an abundant harvest is confidently anticipated. The weather during the week has been fine and warm, and the crops throughout the district are looking remarkably well. Farmers report a good season, and an abundant harvest is confidently anticipated.

The weather during the week has been fine and warm, and the crops throughout the district are looking remarkably well. Farmers report a good season, and an abundant harvest is confidently anticipated. The weather during the week has been fine and warm, and the crops throughout the district are looking remarkably well. Farmers report a good season, and an abundant harvest is confidently anticipated.

The total quantity of wheat received in the Colony during the past month was large, and the market continues firm. Shippers are operating freely, and prices are expected to be maintained for some time to come. The total quantity of wheat received in the Colony during the past month was large, and the market continues firm. Shippers are operating freely, and prices are expected to be maintained for some time to come.

The weather during the week has been fine and warm, and the crops throughout the district are looking remarkably well. Farmers report a good season, and an abundant harvest is confidently anticipated. The weather during the week has been fine and warm, and the crops throughout the district are looking remarkably well. Farmers report a good season, and an abundant harvest is confidently anticipated.

The weather during the week has been fine and warm, and the crops throughout the district are looking remarkably well. Farmers report a good season, and an abundant harvest is confidently anticipated. The weather during the week has been fine and warm, and the crops throughout the district are looking remarkably well. Farmers report a good season, and an abundant harvest is confidently anticipated.

The total quantity of wheat received in the Colony during the past month was large, and the market continues firm. Shippers are operating freely, and prices are expected to be maintained for some time to come. The total quantity of wheat received in the Colony during the past month was large, and the market continues firm. Shippers are operating freely, and prices are expected to be maintained for some time to come.

TELEGRAPHIC
CABLE NEWS.
ENGLISH & FOREIGN.
By Electric Telegraph—Copyright.
[Reuter's Telegrams.]
LONDON, September 30.

The total quantity of wheat received in the Colony during the past month was large, and the market continues firm. Shippers are operating freely, and prices are expected to be maintained for some time to come. The total quantity of wheat received in the Colony during the past month was large, and the market continues firm. Shippers are operating freely, and prices are expected to be maintained for some time to come.

Intelligence has been received that the expedition has reached its destination, and that the troops are in good health. The enemy has retired, and it is believed that no further resistance will be offered. Intelligence has been received that the expedition has reached its destination, and that the troops are in good health. The enemy has retired, and it is believed that no further resistance will be offered.

The annual meeting of the Society was held last evening, the President in the chair. The report and balance-sheet were read and adopted, and the officers for the ensuing year were elected without opposition. The annual meeting of the Society was held last evening, the President in the chair. The report and balance-sheet were read and adopted, and the officers for the ensuing year were elected without opposition.

Intelligence has been received that the expedition has reached its destination, and that the troops are in good health. The enemy has retired, and it is believed that no further resistance will be offered. Intelligence has been received that the expedition has reached its destination, and that the troops are in good health. The enemy has retired, and it is believed that no further resistance will be offered.

VIENNA, September 30.

Intelligence has been received that the expedition has reached its destination, and that the troops are in good health. The enemy has retired, and it is believed that no further resistance will be offered. Intelligence has been received that the expedition has reached its destination, and that the troops are in good health. The enemy has retired, and it is believed that no further resistance will be offered.

FRANCE IN THE FAR EAST.

Intelligence has been received that the expedition has reached its destination, and that the troops are in good health. The enemy has retired, and it is believed that no further resistance will be offered. Intelligence has been received that the expedition has reached its destination, and that the troops are in good health. The enemy has retired, and it is believed that no further resistance will be offered.

Intelligence has been received that the expedition has reached its destination, and that the troops are in good health. The enemy has retired, and it is believed that no further resistance will be offered. Intelligence has been received that the expedition has reached its destination, and that the troops are in good health. The enemy has retired, and it is believed that no further resistance will be offered.

Intelligence has been received that the expedition has reached its destination, and that the troops are in good health. The enemy has retired, and it is believed that no further resistance will be offered. Intelligence has been received that the expedition has reached its destination, and that the troops are in good health. The enemy has retired, and it is believed that no further resistance will be offered.

Intelligence has been received that the expedition has reached its destination, and that the troops are in good health. The enemy has retired, and it is believed that no further resistance will be offered. Intelligence has been received that the expedition has reached its destination, and that the troops are in good health. The enemy has retired, and it is believed that no further resistance will be offered.

AUSTRALIAN.
MELBOURNE, September 30.

The total quantity of wheat received in the Colony during the past month was large, and the market continues firm. Shippers are operating freely, and prices are expected to be maintained for some time to come. The total quantity of wheat received in the Colony during the past month was large, and the market continues firm. Shippers are operating freely, and prices are expected to be maintained for some time to come.

The total quantity of wheat received in the Colony during the past month was large, and the market continues firm. Shippers are operating freely, and prices are expected to be maintained for some time to come. The total quantity of wheat received in the Colony during the past month was large, and the market continues firm. Shippers are operating freely, and prices are expected to be maintained for some time to come.

NEW ZEALAND.
AUCKLAND, September 30.

The Government have decided to proceed at once with the works, and tenders will be invited in the course of a few days. It is expected that a large number of men will find employment on the line during the summer. The Government have decided to proceed at once with the works, and tenders will be invited in the course of a few days. It is expected that a large number of men will find employment on the line during the summer.

WELLINGTON, October 2.

The Government have decided to proceed at once with the works, and tenders will be invited in the course of a few days. It is expected that a large number of men will find employment on the line during the summer. The Government have decided to proceed at once with the works, and tenders will be invited in the course of a few days. It is expected that a large number of men will find employment on the line during the summer.

The Government have decided to proceed at once with the works, and tenders will be invited in the course of a few days. It is expected that a large number of men will find employment on the line during the summer. The Government have decided to proceed at once with the works, and tenders will be invited in the course of a few days. It is expected that a large number of men will find employment on the line during the summer.

The Government have decided to proceed at once with the works, and tenders will be invited in the course of a few days. It is expected that a large number of men will find employment on the line during the summer. The Government have decided to proceed at once with the works, and tenders will be invited in the course of a few days. It is expected that a large number of men will find employment on the line during the summer.

DUNEDIN, October 1.

The Government have decided to proceed at once with the works, and tenders will be invited in the course of a few days. It is expected that a large number of men will find employment on the line during the summer. The Government have decided to proceed at once with the works, and tenders will be invited in the course of a few days. It is expected that a large number of men will find employment on the line during the summer.

The Government have decided to proceed at once with the works, and tenders will be invited in the course of a few days. It is expected that a large number of men will find employment on the line during the summer. The Government have decided to proceed at once with the works, and tenders will be invited in the course of a few days. It is expected that a large number of men will find employment on the line during the summer.

The Government have decided to proceed at once with the works, and tenders will be invited in the course of a few days. It is expected that a large number of men will find employment on the line during the summer. The Government have decided to proceed at once with the works, and tenders will be invited in the course of a few days. It is expected that a large number of men will find employment on the line during the summer.
